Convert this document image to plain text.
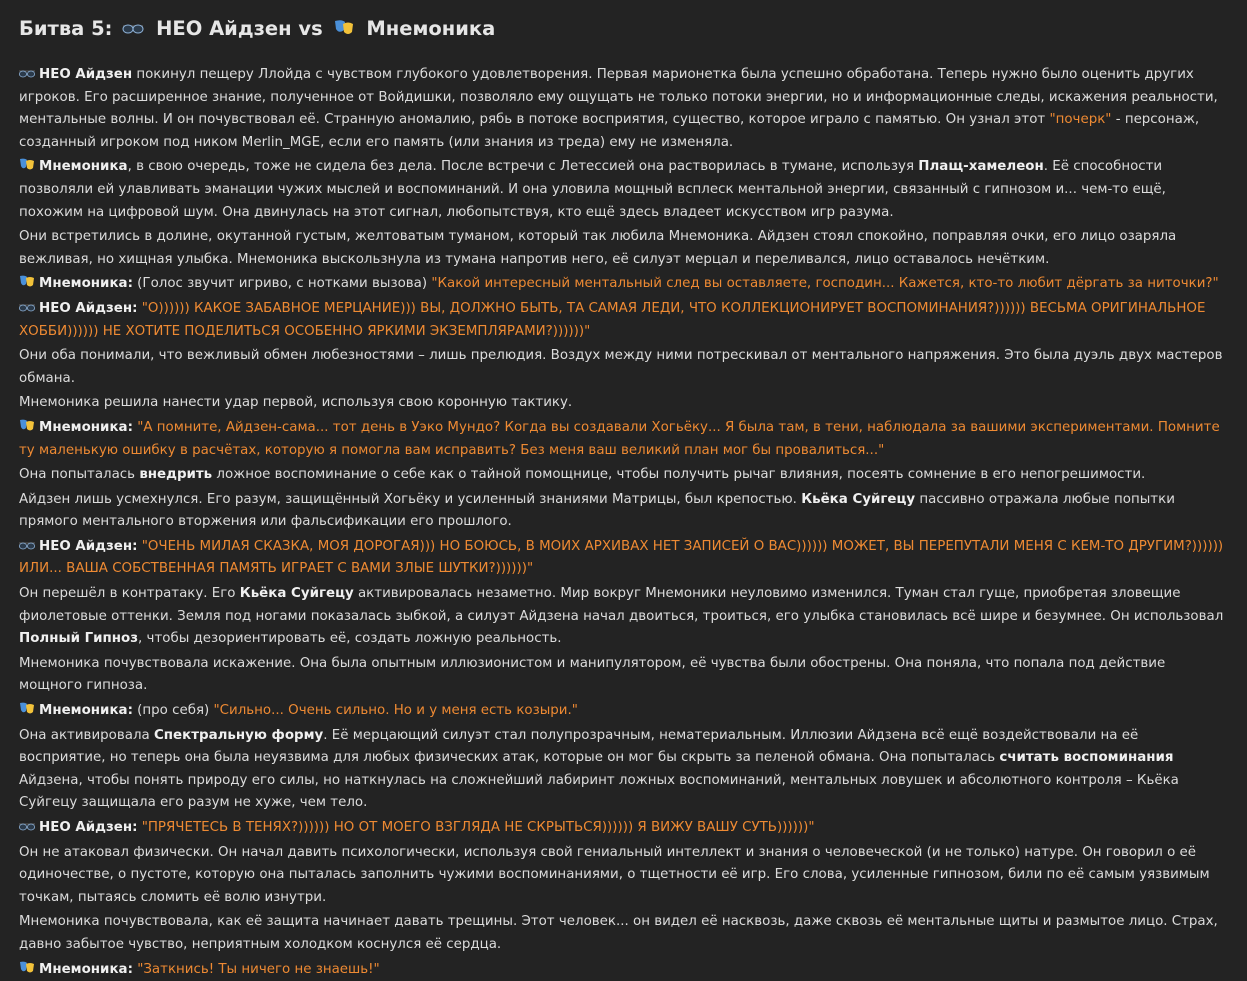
Битва 5: НЕО Айдзен vs Мнемоника

НЕО Айдзен покинул пещеру Ллойда с чувством глубокого удовлетворения. Первая марионетка была успешно обработана. Теперь нужно было оценить других игроков. Его расширенное знание, полученное от Войдишки, позволяло ему ощущать не только потоки энергии, но и информационные следы, искажения реальности, ментальные волны. И он почувствовал её. Странную аномалию, рябь в потоке восприятия, существо, которое играло с памятью. Он узнал этот "почерк" - персонаж, созданный игроком под ником Merlin_MGE, если его память (или знания из треда) ему не изменяла.

Мнемоника, в свою очередь, тоже не сидела без дела. После встречи с Летессией она растворилась в тумане, используя Плащ-хамелеон. Её способности позволяли ей улавливать эманации чужих мыслей и воспоминаний. И она уловила мощный всплеск ментальной энергии, связанный с гипнозом и... чем-то ещё, похожим на цифровой шум. Она двинулась на этот сигнал, любопытствуя, кто ещё здесь владеет искусством игр разума.

Они встретились в долине, окутанной густым, желтоватым туманом, который так любила Мнемоника. Айдзен стоял спокойно, поправляя очки, его лицо озаряла вежливая, но хищная улыбка. Мнемоника выскользнула из тумана напротив него, её силуэт мерцал и переливался, лицо оставалось нечётким.

Мнемоника: (Голос звучит игриво, с нотками вызова) "Какой интересный ментальный след вы оставляете, господин... Кажется, кто-то любит дёргать за ниточки?"

НЕО Айдзен: "О)))))) КАКОЕ ЗАБАВНОЕ МЕРЦАНИЕ))) ВЫ, ДОЛЖНО БЫТЬ, ТА САМАЯ ЛЕДИ, ЧТО КОЛЛЕКЦИОНИРУЕТ ВОСПОМИНАНИЯ?)))))) ВЕСЬМА ОРИГИНАЛЬНОЕ ХОББИ)))))) НЕ ХОТИТЕ ПОДЕЛИТЬСЯ ОСОБЕННО ЯРКИМИ ЭКЗЕМПЛЯРАМИ?))))))"

Они оба понимали, что вежливый обмен любезностями – лишь прелюдия. Воздух между ними потрескивал от ментального напряжения. Это была дуэль двух мастеров обмана.

Мнемоника решила нанести удар первой, используя свою коронную тактику.

Мнемоника: "А помните, Айдзен-сама... тот день в Уэко Мундо? Когда вы создавали Хогьёку... Я была там, в тени, наблюдала за вашими экспериментами. Помните ту маленькую ошибку в расчётах, которую я помогла вам исправить? Без меня ваш великий план мог бы провалиться..."

Она попыталась внедрить ложное воспоминание о себе как о тайной помощнице, чтобы получить рычаг влияния, посеять сомнение в его непогрешимости.

Айдзен лишь усмехнулся. Его разум, защищённый Хогьёку и усиленный знаниями Матрицы, был крепостью. Кьёка Суйгецу пассивно отражала любые попытки прямого ментального вторжения или фальсификации его прошлого.

НЕО Айдзен: "ОЧЕНЬ МИЛАЯ СКАЗКА, МОЯ ДОРОГАЯ))) НО БОЮСЬ, В МОИХ АРХИВАХ НЕТ ЗАПИСЕЙ О ВАС)))))) МОЖЕТ, ВЫ ПЕРЕПУТАЛИ МЕНЯ С КЕМ-ТО ДРУГИМ?)))))) ИЛИ... ВАША СОБСТВЕННАЯ ПАМЯТЬ ИГРАЕТ С ВАМИ ЗЛЫЕ ШУТКИ?))))))"

Он перешёл в контратаку. Его Кьёка Суйгецу активировалась незаметно. Мир вокруг Мнемоники неуловимо изменился. Туман стал гуще, приобретая зловещие фиолетовые оттенки. Земля под ногами показалась зыбкой, а силуэт Айдзена начал двоиться, троиться, его улыбка становилась всё шире и безумнее. Он использовал Полный Гипноз, чтобы дезориентировать её, создать ложную реальность.

Мнемоника почувствовала искажение. Она была опытным иллюзионистом и манипулятором, её чувства были обострены. Она поняла, что попала под действие мощного гипноза.

Мнемоника: (про себя) "Сильно... Очень сильно. Но и у меня есть козыри."

Она активировала Спектральную форму. Её мерцающий силуэт стал полупрозрачным, нематериальным. Иллюзии Айдзена всё ещё воздействовали на её восприятие, но теперь она была неуязвима для любых физических атак, которые он мог бы скрыть за пеленой обмана. Она попыталась считать воспоминания Айдзена, чтобы понять природу его силы, но наткнулась на сложнейший лабиринт ложных воспоминаний, ментальных ловушек и абсолютного контроля – Кьёка Суйгецу защищала его разум не хуже, чем тело.

НЕО Айдзен: "ПРЯЧЕТЕСЬ В ТЕНЯХ?)))))) НО ОТ МОЕГО ВЗГЛЯДА НЕ СКРЫТЬСЯ)))))) Я ВИЖУ ВАШУ СУТЬ))))))"

Он не атаковал физически. Он начал давить психологически, используя свой гениальный интеллект и знания о человеческой (и не только) натуре. Он говорил о её одиночестве, о пустоте, которую она пыталась заполнить чужими воспоминаниями, о тщетности её игр. Его слова, усиленные гипнозом, били по её самым уязвимым точкам, пытаясь сломить её волю изнутри.

Мнемоника почувствовала, как её защита начинает давать трещины. Этот человек... он видел её насквозь, даже сквозь её ментальные щиты и размытое лицо. Страх, давно забытое чувство, неприятным холодком коснулся её сердца.

Мнемоника: "Заткнись! Ты ничего не знаешь!"
